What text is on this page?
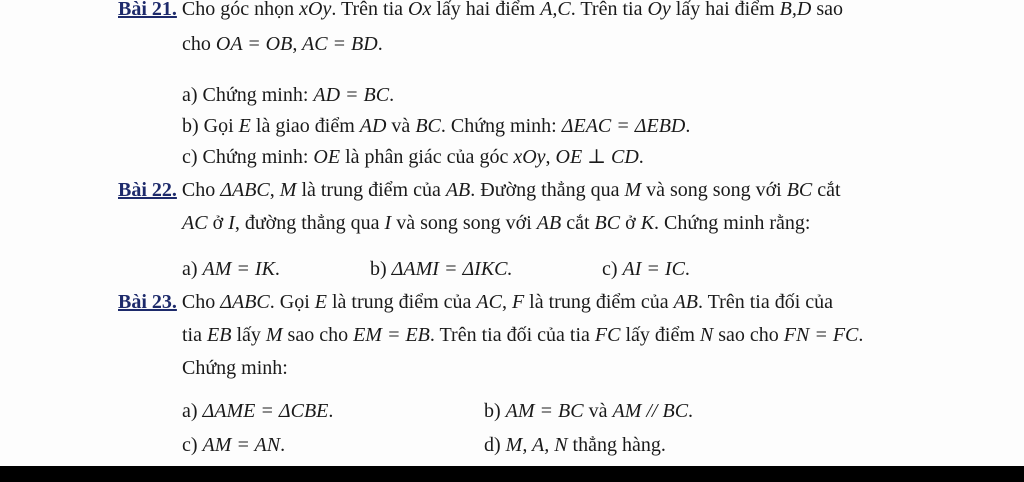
Bài 21. Cho góc nhọn xOy. Trên tia Ox lấy hai điểm A,C. Trên tia Oy lấy hai điểm B,D sao
cho OA = OB, AC = BD.
a) Chứng minh: AD = BC.
b) Gọi E là giao điểm AD và BC. Chứng minh: ΔEAC = ΔEBD.
c) Chứng minh: OE là phân giác của góc xOy, OE ⊥ CD.
Bài 22. Cho ΔABC, M là trung điểm của AB. Đường thẳng qua M và song song với BC cắt
AC ở I, đường thẳng qua I và song song với AB cắt BC ở K. Chứng minh rằng:
a) AM = IK.	b) ΔAMI = ΔIKC.	c) AI = IC.
Bài 23. Cho ΔABC. Gọi E là trung điểm của AC, F là trung điểm của AB. Trên tia đối của
tia EB lấy M sao cho EM = EB. Trên tia đối của tia FC lấy điểm N sao cho FN = FC.
Chứng minh:
a) ΔAME = ΔCBE.	b) AM = BC và AM // BC.
c) AM = AN.	d) M, A, N thẳng hàng.
